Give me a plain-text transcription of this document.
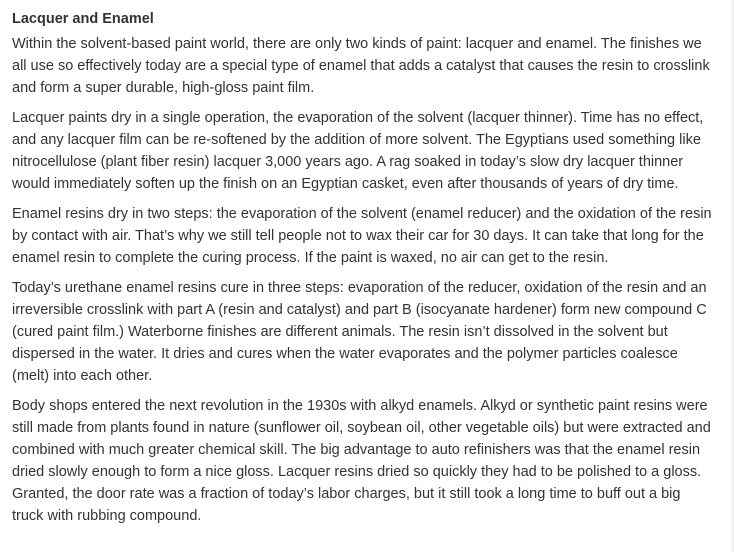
Lacquer and Enamel

Within the solvent-based paint world, there are only two kinds of paint: lacquer and enamel. The finishes we all use so effectively today are a special type of enamel that adds a catalyst that causes the resin to crosslink and form a super durable, high-gloss paint film.

Lacquer paints dry in a single operation, the evaporation of the solvent (lacquer thinner). Time has no effect, and any lacquer film can be re-softened by the addition of more solvent. The Egyptians used something like nitrocellulose (plant fiber resin) lacquer 3,000 years ago. A rag soaked in today’s slow dry lacquer thinner would immediately soften up the finish on an Egyptian casket, even after thousands of years of dry time.

Enamel resins dry in two steps: the evaporation of the solvent (enamel reducer) and the oxidation of the resin by contact with air. That’s why we still tell people not to wax their car for 30 days. It can take that long for the enamel resin to complete the curing process. If the paint is waxed, no air can get to the resin.

Today’s urethane enamel resins cure in three steps: evaporation of the reducer, oxidation of the resin and an irreversible crosslink with part A (resin and catalyst) and part B (isocyanate hardener) form new compound C (cured paint film.) Waterborne finishes are different animals. The resin isn’t dissolved in the solvent but dispersed in the water. It dries and cures when the water evaporates and the polymer particles coalesce (melt) into each other.

Body shops entered the next revolution in the 1930s with alkyd enamels. Alkyd or synthetic paint resins were still made from plants found in nature (sunflower oil, soybean oil, other vegetable oils) but were extracted and combined with much greater chemical skill. The big advantage to auto refinishers was that the enamel resin dried slowly enough to form a nice gloss. Lacquer resins dried so quickly they had to be polished to a gloss. Granted, the door rate was a fraction of today’s labor charges, but it still took a long time to buff out a big truck with rubbing compound.
